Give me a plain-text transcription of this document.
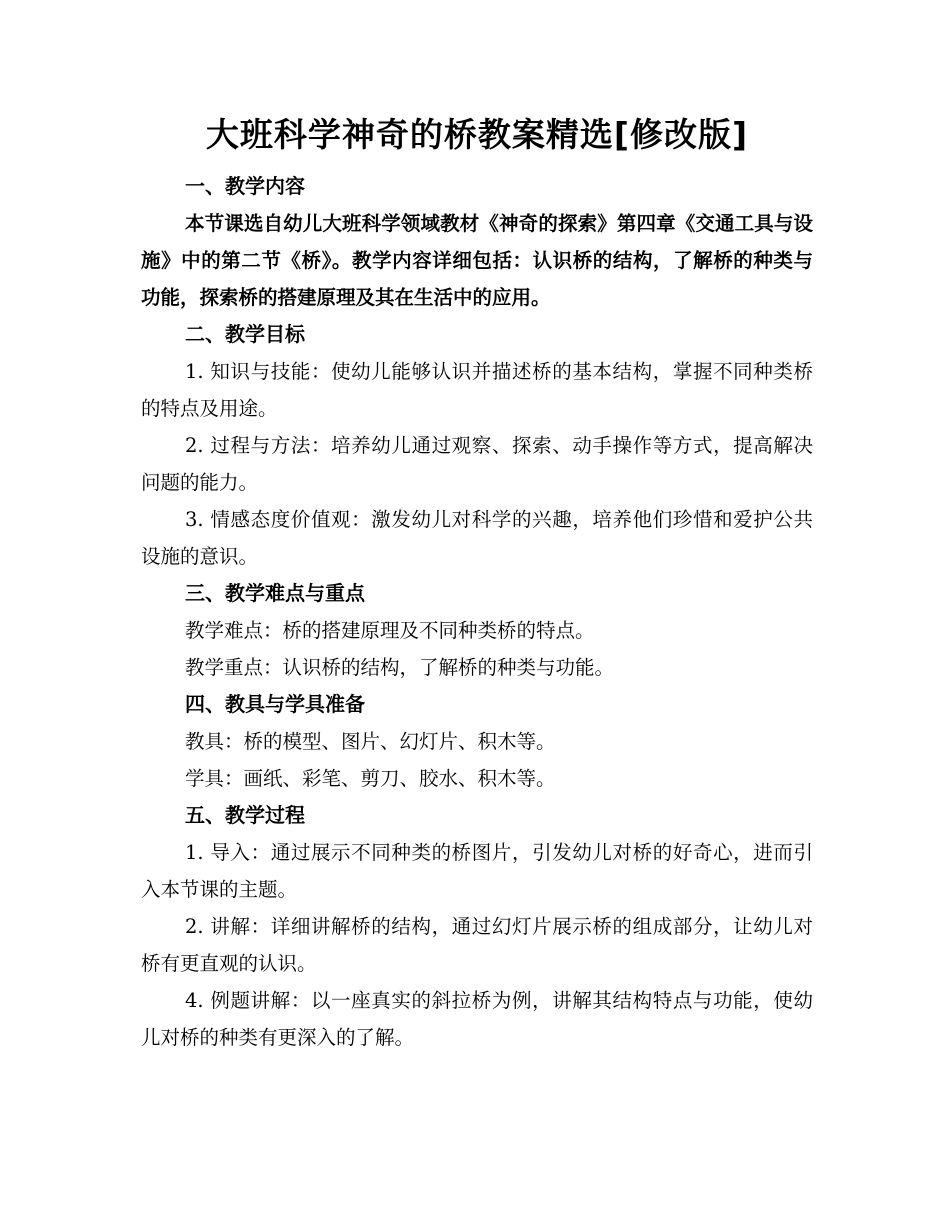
大班科学神奇的桥教案精选[修改版]
一、教学内容

本节课选自幼儿大班科学领域教材《神奇的探索》第四章《交通工具与设施》中的第二节《桥》。教学内容详细包括：认识桥的结构，了解桥的种类与功能，探索桥的搭建原理及其在生活中的应用。

二、教学目标

1. 知识与技能：使幼儿能够认识并描述桥的基本结构，掌握不同种类桥的特点及用途。

2. 过程与方法：培养幼儿通过观察、探索、动手操作等方式，提高解决问题的能力。

3. 情感态度价值观：激发幼儿对科学的兴趣，培养他们珍惜和爱护公共设施的意识。

三、教学难点与重点

教学难点：桥的搭建原理及不同种类桥的特点。

教学重点：认识桥的结构，了解桥的种类与功能。

四、教具与学具准备

教具：桥的模型、图片、幻灯片、积木等。

学具：画纸、彩笔、剪刀、胶水、积木等。

五、教学过程

1. 导入：通过展示不同种类的桥图片，引发幼儿对桥的好奇心，进而引入本节课的主题。

2. 讲解：详细讲解桥的结构，通过幻灯片展示桥的组成部分，让幼儿对桥有更直观的认识。

4. 例题讲解：以一座真实的斜拉桥为例，讲解其结构特点与功能，使幼儿对桥的种类有更深入的了解。
